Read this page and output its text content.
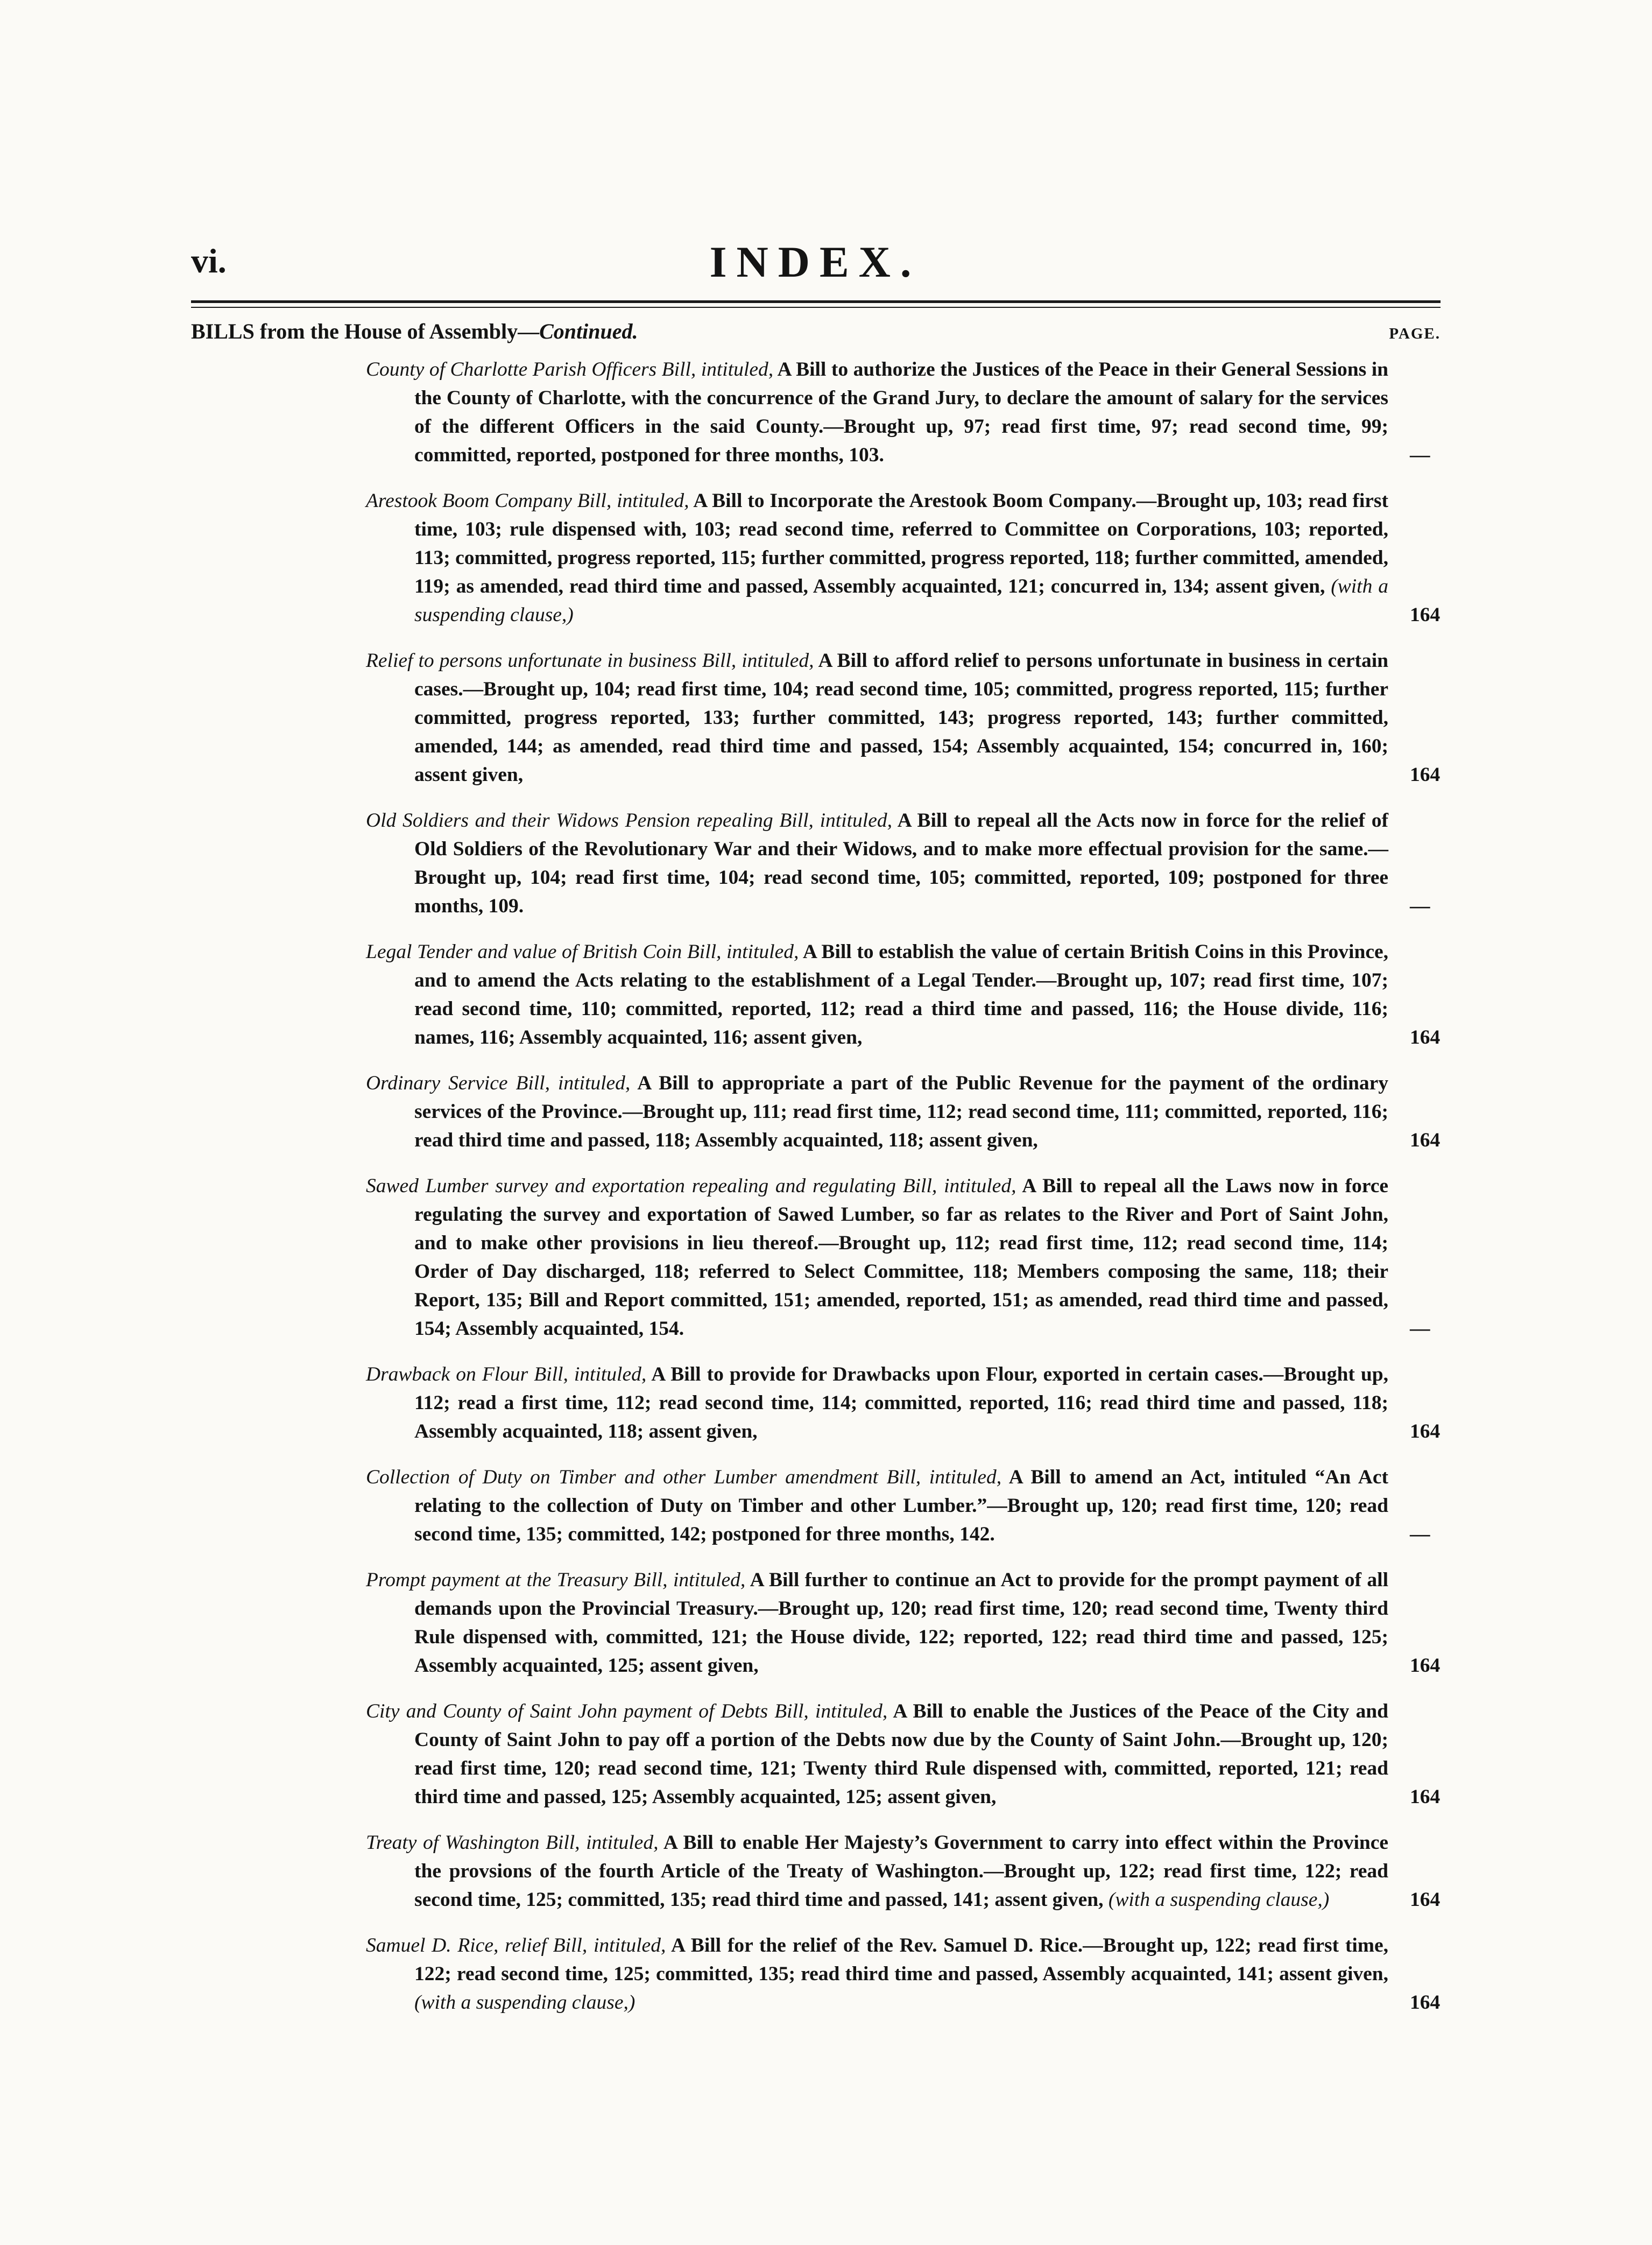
vi.	INDEX.
BILLS from the House of Assembly—Continued.	PAGE.
County of Charlotte Parish Officers Bill, intituled, A Bill to authorize the Justices of the Peace in their General Sessions in the County of Charlotte, with the concurrence of the Grand Jury, to declare the amount of salary for the services of the different Officers in the said County.—Brought up, 97; read first time, 97; read second time, 99; committed, reported, postponed for three months, 103.	—
Arestook Boom Company Bill, intituled, A Bill to Incorporate the Arestook Boom Company.—Brought up, 103; read first time, 103; rule dispensed with, 103; read second time, referred to Committee on Corporations, 103; reported, 113; committed, progress reported, 115; further committed, progress reported, 118; further committed, amended, 119; as amended, read third time and passed, Assembly acquainted, 121; concurred in, 134; assent given, (with a suspending clause,)	164
Relief to persons unfortunate in business Bill, intituled, A Bill to afford relief to persons unfortunate in business in certain cases.—Brought up, 104; read first time, 104; read second time, 105; committed, progress reported, 115; further committed, progress reported, 133; further committed, 143; progress reported, 143; further committed, amended, 144; as amended, read third time and passed, 154; Assembly acquainted, 154; concurred in, 160; assent given,	164
Old Soldiers and their Widows Pension repealing Bill, intituled, A Bill to repeal all the Acts now in force for the relief of Old Soldiers of the Revolutionary War and their Widows, and to make more effectual provision for the same.—Brought up, 104; read first time, 104; read second time, 105; committed, reported, 109; postponed for three months, 109.	—
Legal Tender and value of British Coin Bill, intituled, A Bill to establish the value of certain British Coins in this Province, and to amend the Acts relating to the establishment of a Legal Tender.—Brought up, 107; read first time, 107; read second time, 110; committed, reported, 112; read a third time and passed, 116; the House divide, 116; names, 116; Assembly acquainted, 116; assent given,	164
Ordinary Service Bill, intituled, A Bill to appropriate a part of the Public Revenue for the payment of the ordinary services of the Province.—Brought up, 111; read first time, 112; read second time, 111; committed, reported, 116; read third time and passed, 118; Assembly acquainted, 118; assent given,	164
Sawed Lumber survey and exportation repealing and regulating Bill, intituled, A Bill to repeal all the Laws now in force regulating the survey and exportation of Sawed Lumber, so far as relates to the River and Port of Saint John, and to make other provisions in lieu thereof.—Brought up, 112; read first time, 112; read second time, 114; Order of Day discharged, 118; referred to Select Committee, 118; Members composing the same, 118; their Report, 135; Bill and Report committed, 151; amended, reported, 151; as amended, read third time and passed, 154; Assembly acquainted, 154.	—
Drawback on Flour Bill, intituled, A Bill to provide for Drawbacks upon Flour, exported in certain cases.—Brought up, 112; read a first time, 112; read second time, 114; committed, reported, 116; read third time and passed, 118; Assembly acquainted, 118; assent given,	164
Collection of Duty on Timber and other Lumber amendment Bill, intituled, A Bill to amend an Act, intituled “An Act relating to the collection of Duty on Timber and other Lumber.”—Brought up, 120; read first time, 120; read second time, 135; committed, 142; postponed for three months, 142.	—
Prompt payment at the Treasury Bill, intituled, A Bill further to continue an Act to provide for the prompt payment of all demands upon the Provincial Treasury.—Brought up, 120; read first time, 120; read second time, Twenty third Rule dispensed with, committed, 121; the House divide, 122; reported, 122; read third time and passed, 125; Assembly acquainted, 125; assent given,	164
City and County of Saint John payment of Debts Bill, intituled, A Bill to enable the Justices of the Peace of the City and County of Saint John to pay off a portion of the Debts now due by the County of Saint John.—Brought up, 120; read first time, 120; read second time, 121; Twenty third Rule dispensed with, committed, reported, 121; read third time and passed, 125; Assembly acquainted, 125; assent given,	164
Treaty of Washington Bill, intituled, A Bill to enable Her Majesty’s Government to carry into effect within the Province the provsions of the fourth Article of the Treaty of Washington.—Brought up, 122; read first time, 122; read second time, 125; committed, 135; read third time and passed, 141; assent given, (with a suspending clause,)	164
Samuel D. Rice, relief Bill, intituled, A Bill for the relief of the Rev. Samuel D. Rice.—Brought up, 122; read first time, 122; read second time, 125; committed, 135; read third time and passed, Assembly acquainted, 141; assent given, (with a suspending clause,)	164
